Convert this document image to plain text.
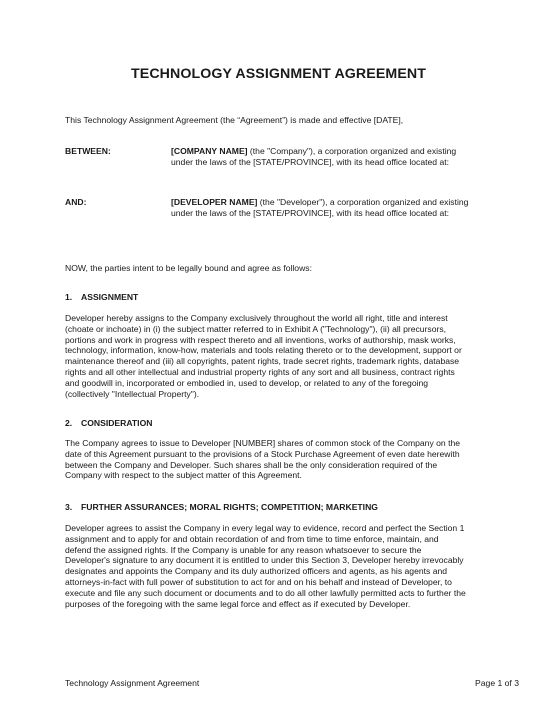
TECHNOLOGY ASSIGNMENT AGREEMENT
This Technology Assignment Agreement (the “Agreement”) is made and effective [DATE],
BETWEEN:	[COMPANY NAME] (the "Company"), a corporation organized and existing
under the laws of the [STATE/PROVINCE], with its head office located at:
AND:	[DEVELOPER NAME] (the "Developer"), a corporation organized and existing
under the laws of the [STATE/PROVINCE], with its head office located at:
NOW, the parties intent to be legally bound and agree as follows:
1. ASSIGNMENT
Developer hereby assigns to the Company exclusively throughout the world all right, title and interest
(choate or inchoate) in (i) the subject matter referred to in Exhibit A ("Technology"), (ii) all precursors,
portions and work in progress with respect thereto and all inventions, works of authorship, mask works,
technology, information, know-how, materials and tools relating thereto or to the development, support or
maintenance thereof and (iii) all copyrights, patent rights, trade secret rights, trademark rights, database
rights and all other intellectual and industrial property rights of any sort and all business, contract rights
and goodwill in, incorporated or embodied in, used to develop, or related to any of the foregoing
(collectively "Intellectual Property").
2. CONSIDERATION
The Company agrees to issue to Developer [NUMBER] shares of common stock of the Company on the
date of this Agreement pursuant to the provisions of a Stock Purchase Agreement of even date herewith
between the Company and Developer. Such shares shall be the only consideration required of the
Company with respect to the subject matter of this Agreement.
3. FURTHER ASSURANCES; MORAL RIGHTS; COMPETITION; MARKETING
Developer agrees to assist the Company in every legal way to evidence, record and perfect the Section 1
assignment and to apply for and obtain recordation of and from time to time enforce, maintain, and
defend the assigned rights. If the Company is unable for any reason whatsoever to secure the
Developer's signature to any document it is entitled to under this Section 3, Developer hereby irrevocably
designates and appoints the Company and its duly authorized officers and agents, as his agents and
attorneys-in-fact with full power of substitution to act for and on his behalf and instead of Developer, to
execute and file any such document or documents and to do all other lawfully permitted acts to further the
purposes of the foregoing with the same legal force and effect as if executed by Developer.
Technology Assignment Agreement	Page 1 of 3
